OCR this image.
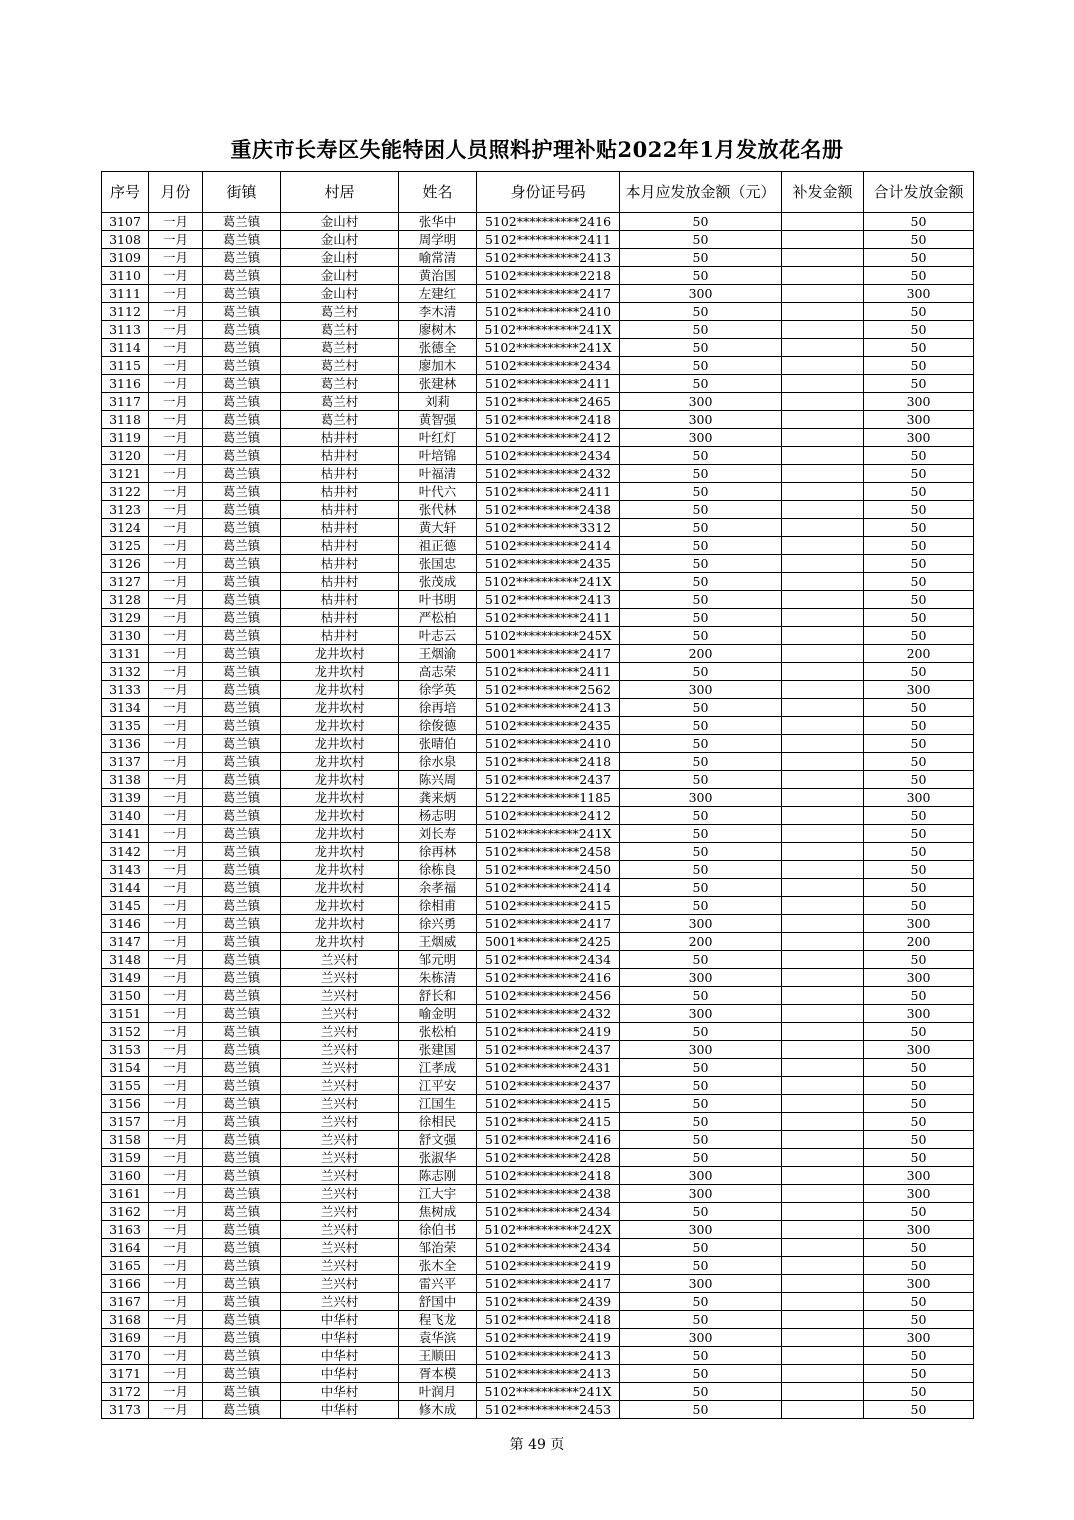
重庆市长寿区失能特困人员照料护理补贴2022年1月发放花名册
序号	月份	街镇	村居	姓名	身份证号码	本月应发放金额（元）	补发金额	合计发放金额
3107	一月	葛兰镇	金山村	张华中	5102**********2416	50		50
3108	一月	葛兰镇	金山村	周学明	5102**********2411	50		50
3109	一月	葛兰镇	金山村	喻常清	5102**********2413	50		50
3110	一月	葛兰镇	金山村	黄治国	5102**********2218	50		50
3111	一月	葛兰镇	金山村	左建红	5102**********2417	300		300
3112	一月	葛兰镇	葛兰村	李木清	5102**********2410	50		50
3113	一月	葛兰镇	葛兰村	廖树木	5102**********241X	50		50
3114	一月	葛兰镇	葛兰村	张德全	5102**********241X	50		50
3115	一月	葛兰镇	葛兰村	廖加木	5102**********2434	50		50
3116	一月	葛兰镇	葛兰村	张建林	5102**********2411	50		50
3117	一月	葛兰镇	葛兰村	刘莉	5102**********2465	300		300
3118	一月	葛兰镇	葛兰村	黄智强	5102**********2418	300		300
3119	一月	葛兰镇	枯井村	叶红灯	5102**********2412	300		300
3120	一月	葛兰镇	枯井村	叶培锦	5102**********2434	50		50
3121	一月	葛兰镇	枯井村	叶福清	5102**********2432	50		50
3122	一月	葛兰镇	枯井村	叶代六	5102**********2411	50		50
3123	一月	葛兰镇	枯井村	张代林	5102**********2438	50		50
3124	一月	葛兰镇	枯井村	黄大轩	5102**********3312	50		50
3125	一月	葛兰镇	枯井村	祖正德	5102**********2414	50		50
3126	一月	葛兰镇	枯井村	张国忠	5102**********2435	50		50
3127	一月	葛兰镇	枯井村	张茂成	5102**********241X	50		50
3128	一月	葛兰镇	枯井村	叶书明	5102**********2413	50		50
3129	一月	葛兰镇	枯井村	严松柏	5102**********2411	50		50
3130	一月	葛兰镇	枯井村	叶志云	5102**********245X	50		50
3131	一月	葛兰镇	龙井坎村	王烟渝	5001**********2417	200		200
3132	一月	葛兰镇	龙井坎村	高志荣	5102**********2411	50		50
3133	一月	葛兰镇	龙井坎村	徐学英	5102**********2562	300		300
3134	一月	葛兰镇	龙井坎村	徐再培	5102**********2413	50		50
3135	一月	葛兰镇	龙井坎村	徐俊德	5102**********2435	50		50
3136	一月	葛兰镇	龙井坎村	张晴伯	5102**********2410	50		50
3137	一月	葛兰镇	龙井坎村	徐水泉	5102**********2418	50		50
3138	一月	葛兰镇	龙井坎村	陈兴周	5102**********2437	50		50
3139	一月	葛兰镇	龙井坎村	龚来炳	5122**********1185	300		300
3140	一月	葛兰镇	龙井坎村	杨志明	5102**********2412	50		50
3141	一月	葛兰镇	龙井坎村	刘长寿	5102**********241X	50		50
3142	一月	葛兰镇	龙井坎村	徐再林	5102**********2458	50		50
3143	一月	葛兰镇	龙井坎村	徐栋良	5102**********2450	50		50
3144	一月	葛兰镇	龙井坎村	余孝福	5102**********2414	50		50
3145	一月	葛兰镇	龙井坎村	徐相甫	5102**********2415	50		50
3146	一月	葛兰镇	龙井坎村	徐兴勇	5102**********2417	300		300
3147	一月	葛兰镇	龙井坎村	王烟威	5001**********2425	200		200
3148	一月	葛兰镇	兰兴村	邹元明	5102**********2434	50		50
3149	一月	葛兰镇	兰兴村	朱栋清	5102**********2416	300		300
3150	一月	葛兰镇	兰兴村	舒长和	5102**********2456	50		50
3151	一月	葛兰镇	兰兴村	喻金明	5102**********2432	300		300
3152	一月	葛兰镇	兰兴村	张松柏	5102**********2419	50		50
3153	一月	葛兰镇	兰兴村	张建国	5102**********2437	300		300
3154	一月	葛兰镇	兰兴村	江孝成	5102**********2431	50		50
3155	一月	葛兰镇	兰兴村	江平安	5102**********2437	50		50
3156	一月	葛兰镇	兰兴村	江国生	5102**********2415	50		50
3157	一月	葛兰镇	兰兴村	徐相民	5102**********2415	50		50
3158	一月	葛兰镇	兰兴村	舒文强	5102**********2416	50		50
3159	一月	葛兰镇	兰兴村	张淑华	5102**********2428	50		50
3160	一月	葛兰镇	兰兴村	陈志刚	5102**********2418	300		300
3161	一月	葛兰镇	兰兴村	江大宇	5102**********2438	300		300
3162	一月	葛兰镇	兰兴村	焦树成	5102**********2434	50		50
3163	一月	葛兰镇	兰兴村	徐伯书	5102**********242X	300		300
3164	一月	葛兰镇	兰兴村	邹治荣	5102**********2434	50		50
3165	一月	葛兰镇	兰兴村	张木全	5102**********2419	50		50
3166	一月	葛兰镇	兰兴村	雷兴平	5102**********2417	300		300
3167	一月	葛兰镇	兰兴村	舒国中	5102**********2439	50		50
3168	一月	葛兰镇	中华村	程飞龙	5102**********2418	50		50
3169	一月	葛兰镇	中华村	袁华滨	5102**********2419	300		300
3170	一月	葛兰镇	中华村	王顺田	5102**********2413	50		50
3171	一月	葛兰镇	中华村	胥本模	5102**********2413	50		50
3172	一月	葛兰镇	中华村	叶润月	5102**********241X	50		50
3173	一月	葛兰镇	中华村	修木成	5102**********2453	50		50
第 49 页
